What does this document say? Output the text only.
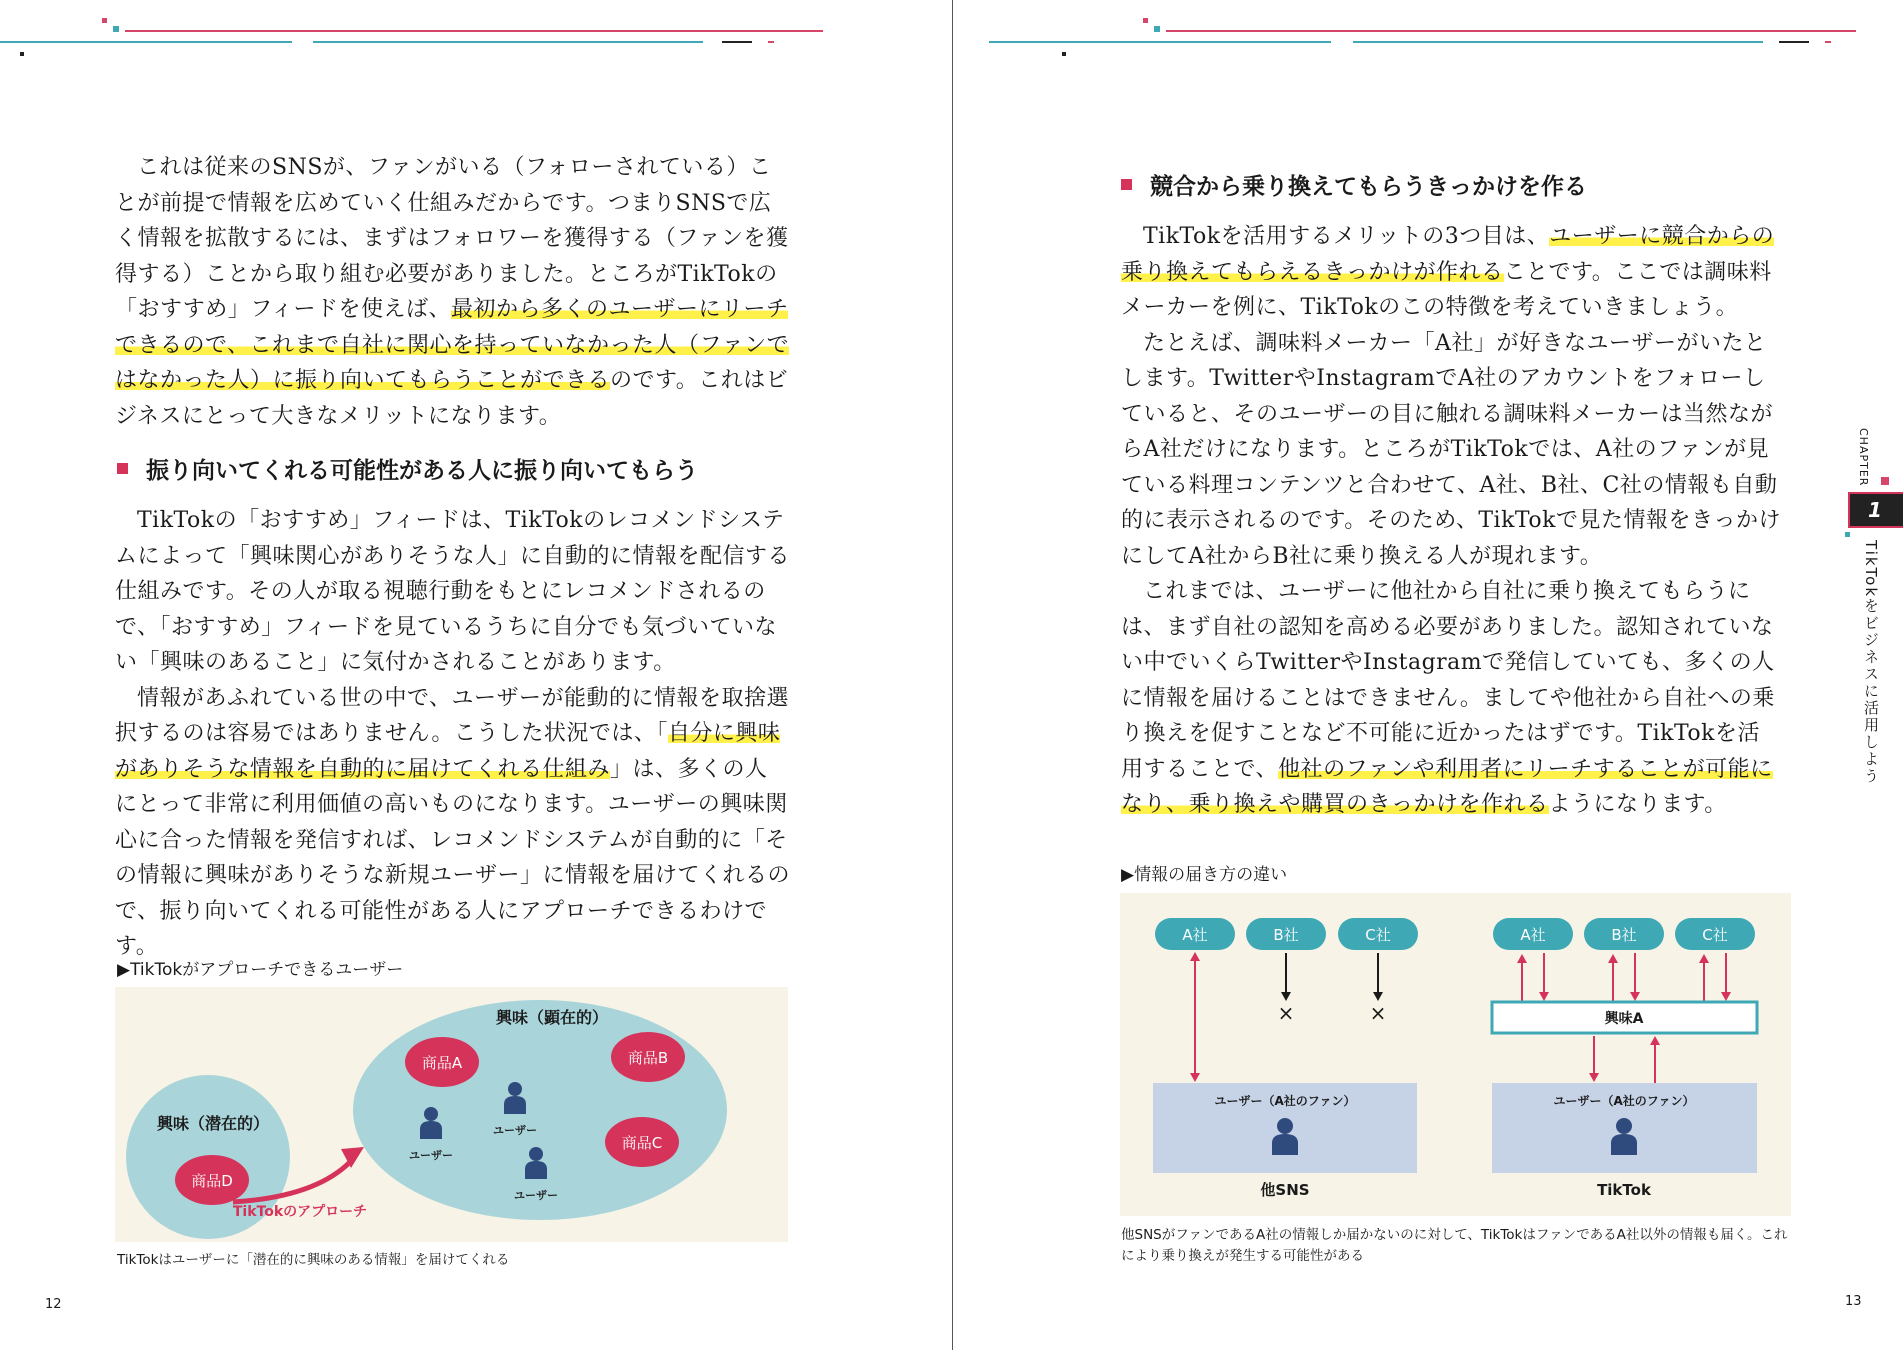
これは従来のSNSが、ファンがいる（フォローされている）ことが前提で情報を広めていく仕組みだからです。つまりSNSで広く情報を拡散するには、まずはフォロワーを獲得する（ファンを獲得する）ことから取り組む必要がありました。ところがTikTokの「おすすめ」フィードを使えば、最初から多くのユーザーにリーチできるので、これまで自社に関心を持っていなかった人（ファンではなかった人）に振り向いてもらうことができるのです。これはビジネスにとって大きなメリットになります。

振り向いてくれる可能性がある人に振り向いてもらう

TikTokの「おすすめ」フィードは、TikTokのレコメンドシステムによって「興味関心がありそうな人」に自動的に情報を配信する仕組みです。その人が取る視聴行動をもとにレコメンドされるので、「おすすめ」フィードを見ているうちに自分でも気づいていない「興味のあること」に気付かされることがあります。

情報があふれている世の中で、ユーザーが能動的に情報を取捨選択するのは容易ではありません。こうした状況では、「自分に興味がありそうな情報を自動的に届けてくれる仕組み」は、多くの人にとって非常に利用価値の高いものになります。ユーザーの興味関心に合った情報を発信すれば、レコメンドシステムが自動的に「その情報に興味がありそうな新規ユーザー」に情報を届けてくれるので、振り向いてくれる可能性がある人にアプローチできるわけです。

▶TikTokがアプローチできるユーザー
興味（顕在的）
興味（潜在的）
商品A	商品B
商品C
商品D
ユーザー
ユーザー
ユーザー
TikTokのアプローチ
TikTokはユーザーに「潜在的に興味のある情報」を届けてくれる
12
競合から乗り換えてもらうきっかけを作る

TikTokを活用するメリットの3つ目は、ユーザーに競合からの乗り換えてもらえるきっかけが作れることです。ここでは調味料メーカーを例に、TikTokのこの特徴を考えていきましょう。

たとえば、調味料メーカー「A社」が好きなユーザーがいたとします。TwitterやInstagramでA社のアカウントをフォローしていると、そのユーザーの目に触れる調味料メーカーは当然ながらA社だけになります。ところがTikTokでは、A社のファンが見ている料理コンテンツと合わせて、A社、B社、C社の情報も自動的に表示されるのです。そのため、TikTokで見た情報をきっかけにしてA社からB社に乗り換える人が現れます。

これまでは、ユーザーに他社から自社に乗り換えてもらうには、まず自社の認知を高める必要がありました。認知されていない中でいくらTwitterやInstagramで発信していても、多くの人に情報を届けることはできません。ましてや他社から自社への乗り換えを促すことなど不可能に近かったはずです。TikTokを活用することで、他社のファンや利用者にリーチすることが可能になり、乗り換えや購買のきっかけを作れるようになります。

▶情報の届き方の違い
A社	B社	C社
×	×
ユーザー（A社のファン）
他SNS
A社	B社	C社
興味A
ユーザー（A社のファン）
TikTok
他SNSがファンであるA社の情報しか届かないのに対して、TikTokはファンであるA社以外の情報も届く。これにより乗り換えが発生する可能性がある
13
CHAPTER
1
TikTokをビジネスに活用しよう
